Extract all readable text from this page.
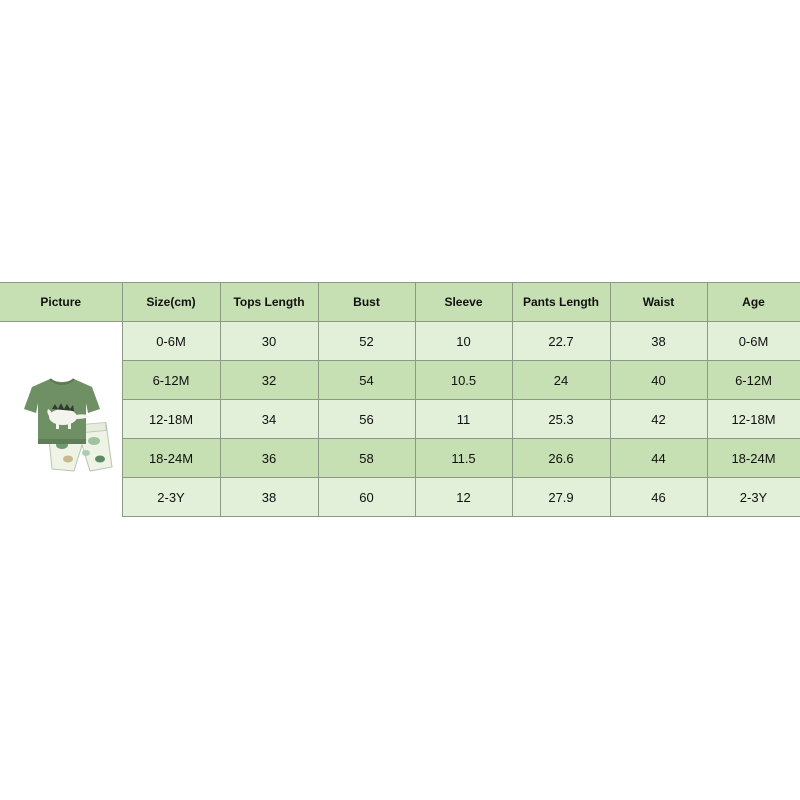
Picture	Size(cm)	Tops Length	Bust	Sleeve	Pants Length	Waist	Age

	0-6M	30	52	10	22.7	38	0-6M
	6-12M	32	54	10.5	24	40	6-12M
	12-18M	34	56	11	25.3	42	12-18M
	18-24M	36	58	11.5	26.6	44	18-24M
	2-3Y	38	60	12	27.9	46	2-3Y
